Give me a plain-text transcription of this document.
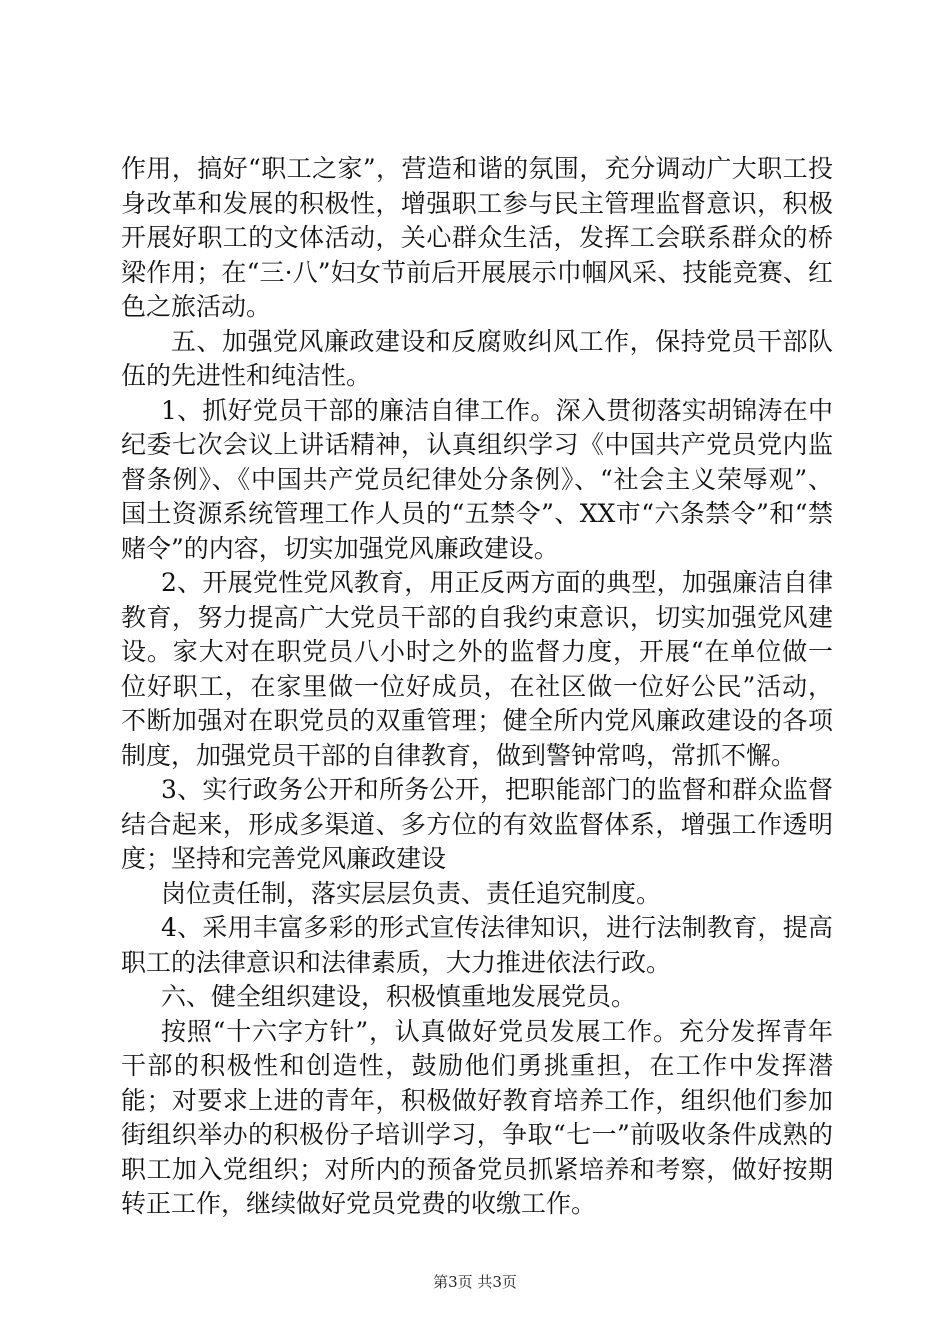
作用，搞好“职工之家”，营造和谐的氛围，充分调动广大职工投身改革和发展的积极性，增强职工参与民主管理监督意识，积极开展好职工的文体活动，关心群众生活，发挥工会联系群众的桥梁作用；在“三·八”妇女节前后开展展示巾帼风采、技能竞赛、红色之旅活动。

五、加强党风廉政建设和反腐败纠风工作，保持党员干部队伍的先进性和纯洁性。

1、抓好党员干部的廉洁自律工作。深入贯彻落实胡锦涛在中纪委七次会议上讲话精神，认真组织学习《中国共产党员党内监督条例》、《中国共产党员纪律处分条例》、“社会主义荣辱观”、国土资源系统管理工作人员的“五禁令”、XX市“六条禁令”和“禁赌令”的内容，切实加强党风廉政建设。

2、开展党性党风教育，用正反两方面的典型，加强廉洁自律教育，努力提高广大党员干部的自我约束意识，切实加强党风建设。家大对在职党员八小时之外的监督力度，开展“在单位做一位好职工，在家里做一位好成员，在社区做一位好公民”活动，不断加强对在职党员的双重管理；健全所内党风廉政建设的各项制度，加强党员干部的自律教育，做到警钟常鸣，常抓不懈。

3、实行政务公开和所务公开，把职能部门的监督和群众监督结合起来，形成多渠道、多方位的有效监督体系，增强工作透明度；坚持和完善党风廉政建设

岗位责任制，落实层层负责、责任追究制度。

4、采用丰富多彩的形式宣传法律知识，进行法制教育，提高职工的法律意识和法律素质，大力推进依法行政。

六、健全组织建设，积极慎重地发展党员。

按照“十六字方针”，认真做好党员发展工作。充分发挥青年干部的积极性和创造性，鼓励他们勇挑重担，在工作中发挥潜能；对要求上进的青年，积极做好教育培养工作，组织他们参加街组织举办的积极份子培训学习，争取“七一”前吸收条件成熟的职工加入党组织；对所内的预备党员抓紧培养和考察，做好按期转正工作，继续做好党员党费的收缴工作。

第3页 共3页
